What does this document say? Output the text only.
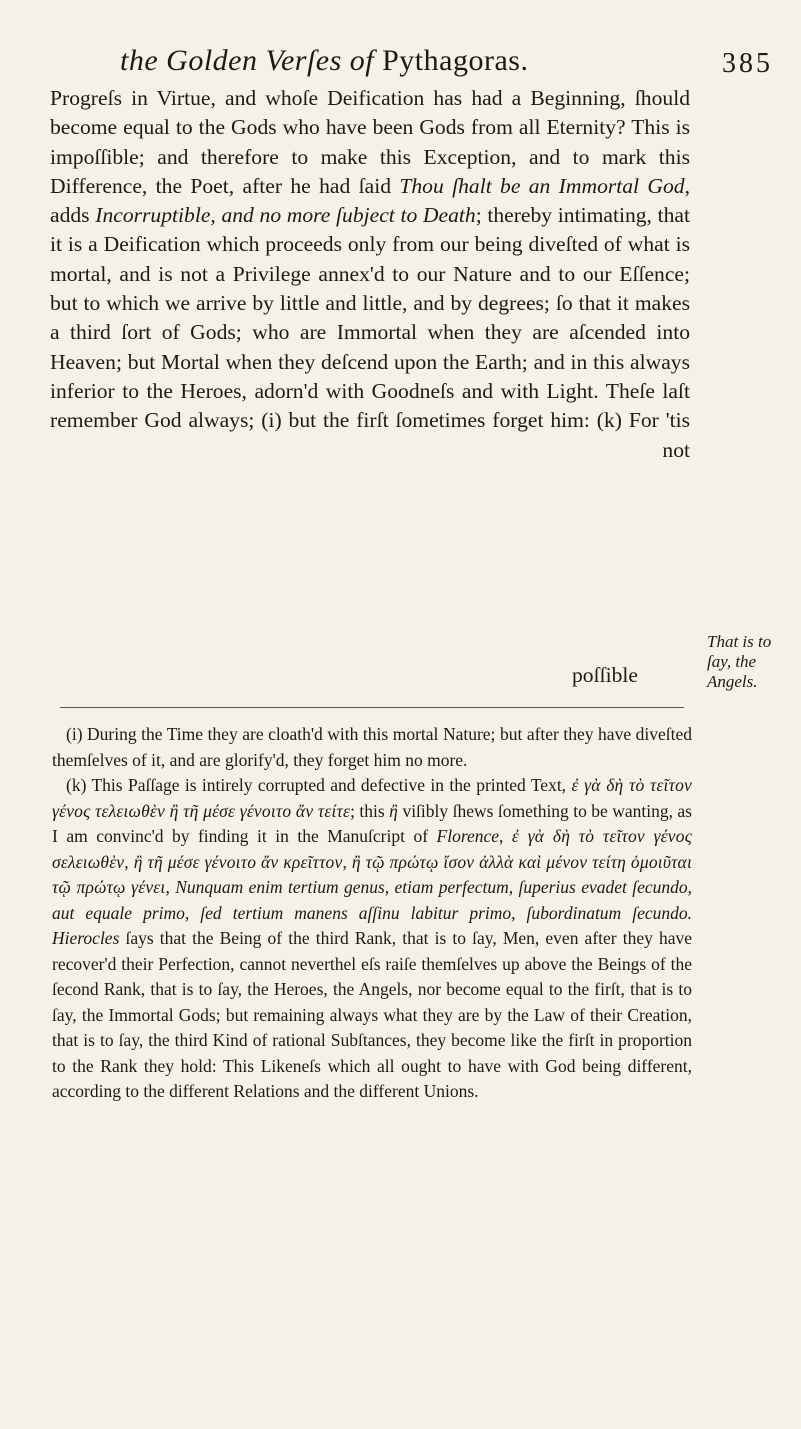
the Golden Verſes of Pythagoras.	385
Progreſs in Virtue, and whoſe Deification has had a Beginning, ſhould become equal to the Gods who have been Gods from all Eternity? This is impoſſible; and therefore to make this Exception, and to mark this Difference, the Poet, after he had ſaid Thou ſhalt be an Immortal God, adds Incorruptible, and no more ſubject to Death; thereby intimating, that it is a Deification which proceeds only from our being diveſted of what is mortal, and is not a Privilege annex'd to our Nature and to our Eſſence; but to which we arrive by little and little, and by degrees; ſo that it makes a third ſort of Gods; who are Immortal when they are aſcended into Heaven; but Mortal when they deſcend upon the Earth; and in this always inferior to the Heroes, adorn'd with Goodneſs and with Light. Theſe laſt remember God always; (i) but the firſt ſometimes forget him: (k) For 'tis not
poſſible
That is to ſay, the Angels.

(i) During the Time they are cloath'd with this mortal Nature; but after they have diveſted themſelves of it, and are glorify'd, they forget him no more.

(k) This Paſſage is intirely corrupted and defective in the printed Text, ἐ γὰ δὴ τὸ τεῖτον γένος τελειωθὲν ἢ τῆ μέσε γένοιτο ἄν τείτε; this ἢ viſibly ſhews ſomething to be wanting, as I am convinc'd by finding it in the Manuſcript of Florence, ἐ γὰ δὴ τὸ τεῖτον γένος σελειωθὲν, ἢ τῆ μέσε γένοιτο ἄν κρεῖττον, ἢ τῷ πρώτῳ ἴσον ἀλλὰ καὶ μένον τείτη ὁμοιῦται τῷ πρώτῳ γένει, Nunquam enim tertium genus, etiam perfectum, ſuperius evadet ſecundo, aut equale primo, ſed tertium manens aſſinu labitur primo, ſubordinatum ſecundo. Hierocles ſays that the Being of the third Rank, that is to ſay, Men, even after they have recover'd their Perfection, cannot neverthel eſs raiſe themſelves up above the Beings of the ſecond Rank, that is to ſay, the Heroes, the Angels, nor become equal to the firſt, that is to ſay, the Immortal Gods; but remaining always what they are by the Law of their Creation, that is to ſay, the third Kind of rational Subſtances, they become like the firſt in proportion to the Rank they hold: This Likeneſs which all ought to have with God being different, according to the different Relations and the different Unions.
